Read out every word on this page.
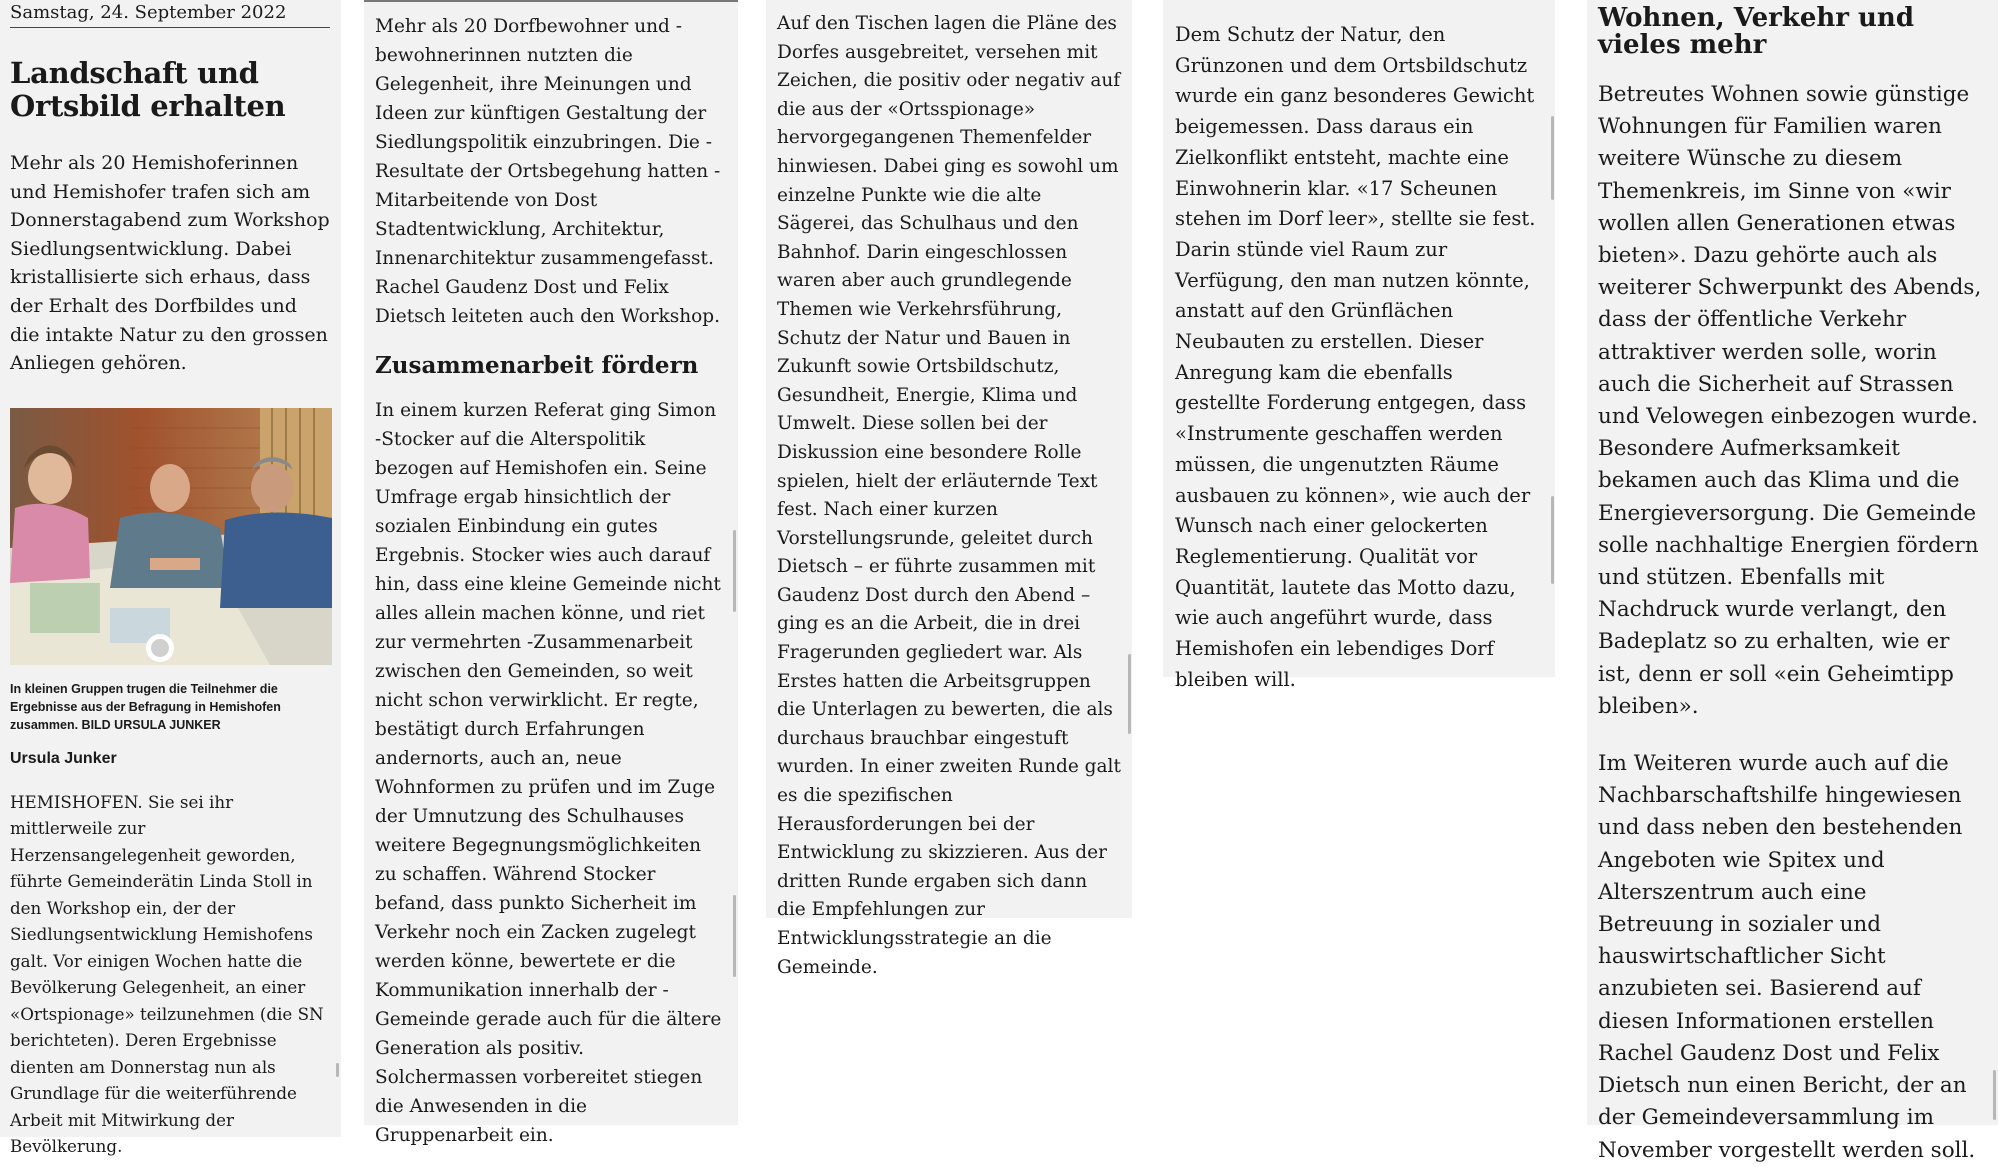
Samstag, 24. September 2022
Landschaft und Ortsbild erhalten

Mehr als 20 Hemishoferinnen und Hemishofer trafen sich am Donnerstagabend zum Workshop Siedlungsentwicklung. Dabei kristallisierte sich erhaus, dass der Erhalt des Dorfbildes und die intakte Natur zu den grossen Anliegen gehören.

In kleinen Gruppen trugen die Teilnehmer die Ergebnisse aus der Befragung in Hemishofen zusammen. BILD URSULA JUNKER

Ursula Junker

HEMISHOFEN. Sie sei ihr mittlerweile zur Herzensangelegenheit geworden, führte Gemeinderätin Linda Stoll in den Workshop ein, der der Siedlungsentwicklung Hemishofens galt. Vor einigen Wochen hatte die Bevölkerung Gelegenheit, an einer «Ortspionage» teilzunehmen (die SN berichteten). Deren Ergebnisse dienten am Donnerstag nun als Grundlage für die weiterführende Arbeit mit Mitwirkung der Bevölkerung.

Mehr als 20 Dorfbewohner und -bewohnerinnen nutzten die Gelegenheit, ihre Meinungen und Ideen zur künftigen Gestaltung der Siedlungspolitik einzubringen. Die -Resultate der Ortsbegehung hatten -Mitarbeitende von Dost Stadtentwicklung, Architektur, Innenarchitektur zusammengefasst. Rachel Gaudenz Dost und Felix Dietsch leiteten auch den Workshop.

Zusammenarbeit fördern

In einem kurzen Referat ging Simon -Stocker auf die Alterspolitik bezogen auf Hemishofen ein. Seine Umfrage ergab hinsichtlich der sozialen Einbindung ein gutes Ergebnis. Stocker wies auch darauf hin, dass eine kleine Gemeinde nicht alles allein machen könne, und riet zur vermehrten -Zusammenarbeit zwischen den Gemeinden, so weit nicht schon verwirklicht. Er regte, bestätigt durch Erfahrungen andernorts, auch an, neue Wohnformen zu prüfen und im Zuge der Umnutzung des Schulhauses weitere Begegnungsmöglichkeiten zu schaffen. Während Stocker befand, dass punkto Sicherheit im Verkehr noch ein Zacken zugelegt werden könne, bewertete er die Kommunikation innerhalb der -Gemeinde gerade auch für die ältere Generation als positiv. Solchermassen vorbereitet stiegen die Anwesenden in die Gruppenarbeit ein.

Auf den Tischen lagen die Pläne des Dorfes ausgebreitet, versehen mit Zeichen, die positiv oder negativ auf die aus der «Ortsspionage» hervorgegangenen Themenfelder hinwiesen. Dabei ging es sowohl um einzelne Punkte wie die alte Sägerei, das Schulhaus und den Bahnhof. Darin eingeschlossen waren aber auch grundlegende Themen wie Verkehrsführung, Schutz der Natur und Bauen in Zukunft sowie Ortsbildschutz, Gesundheit, Energie, Klima und Umwelt. Diese sollen bei der Diskussion eine besondere Rolle spielen, hielt der erläuternde Text fest. Nach einer kurzen Vorstellungsrunde, geleitet durch Dietsch – er führte zusammen mit Gaudenz Dost durch den Abend – ging es an die Arbeit, die in drei Fragerunden gegliedert war. Als Erstes hatten die Arbeitsgruppen die Unterlagen zu bewerten, die als durchaus brauchbar eingestuft wurden. In einer zweiten Runde galt es die spezifischen Herausforderungen bei der Entwicklung zu skizzieren. Aus der dritten Runde ergaben sich dann die Empfehlungen zur Entwicklungsstrategie an die Gemeinde.

Dem Schutz der Natur, den Grünzonen und dem Ortsbildschutz wurde ein ganz besonderes Gewicht beigemessen. Dass daraus ein Zielkonflikt entsteht, machte eine Einwohnerin klar. «17 Scheunen stehen im Dorf leer», stellte sie fest. Darin stünde viel Raum zur Verfügung, den man nutzen könnte, anstatt auf den Grünflächen Neubauten zu erstellen. Dieser Anregung kam die ebenfalls gestellte Forderung entgegen, dass «Instrumente geschaffen werden müssen, die ungenutzten Räume ausbauen zu können», wie auch der Wunsch nach einer gelockerten Reglementierung. Qualität vor Quantität, lautete das Motto dazu, wie auch angeführt wurde, dass Hemishofen ein lebendiges Dorf bleiben will.

Wohnen, Verkehr und vieles mehr

Betreutes Wohnen sowie günstige Wohnungen für Familien waren weitere Wünsche zu diesem Themenkreis, im Sinne von «wir wollen allen Generationen etwas bieten». Dazu gehörte auch als weiterer Schwerpunkt des Abends, dass der öffentliche Verkehr attraktiver werden solle, worin auch die Sicherheit auf Strassen und Velowegen einbezogen wurde. Besondere Aufmerksamkeit bekamen auch das Klima und die Energieversorgung. Die Gemeinde solle nachhaltige Energien fördern und stützen. Ebenfalls mit Nachdruck wurde verlangt, den Badeplatz so zu erhalten, wie er ist, denn er soll «ein Geheimtipp bleiben».

Im Weiteren wurde auch auf die Nachbarschaftshilfe hingewiesen und dass neben den bestehenden Angeboten wie Spitex und Alterszentrum auch eine Betreuung in sozialer und hauswirtschaftlicher Sicht anzubieten sei. Basierend auf diesen Informationen erstellen Rachel Gaudenz Dost und Felix Dietsch nun einen Bericht, der an der Gemeindeversammlung im November vorgestellt werden soll.
